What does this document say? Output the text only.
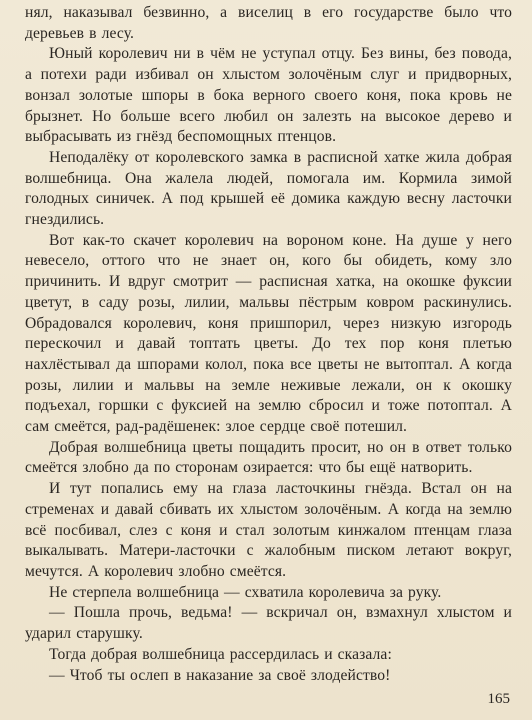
нял, наказывал безвинно, а виселиц в его государстве было что деревьев в лесу.

Юный королевич ни в чём не уступал отцу. Без вины, без повода, а потехи ради избивал он хлыстом золочёным слуг и придворных, вонзал золотые шпоры в бока верного своего коня, пока кровь не брызнет. Но больше всего любил он залезть на высокое дерево и выбрасывать из гнёзд беспомощных птенцов.

Неподалёку от королевского замка в расписной хатке жила добрая волшебница. Она жалела людей, помогала им. Кормила зимой голодных синичек. А под крышей её домика каждую весну ласточки гнездились.

Вот как-то скачет королевич на вороном коне. На душе у него невесело, оттого что не знает он, кого бы обидеть, кому зло причинить. И вдруг смотрит — расписная хатка, на окошке фуксии цветут, в саду розы, лилии, мальвы пёстрым ковром раскинулись. Обрадовался королевич, коня пришпорил, через низкую изгородь перескочил и давай топтать цветы. До тех пор коня плетью нахлёстывал да шпорами колол, пока все цветы не вытоптал. А когда розы, лилии и мальвы на земле неживые лежали, он к окошку подъехал, горшки с фуксией на землю сбросил и тоже потоптал. А сам смеётся, рад-радёшенек: злое сердце своё потешил.

Добрая волшебница цветы пощадить просит, но он в ответ только смеётся злобно да по сторонам озирается: что бы ещё натворить.

И тут попались ему на глаза ласточкины гнёзда. Встал он на стременах и давай сбивать их хлыстом золочёным. А когда на землю всё посбивал, слез с коня и стал золотым кинжалом птенцам глаза выкалывать. Матери-ласточки с жалобным писком летают вокруг, мечутся. А королевич злобно смеётся.

Не стерпела волшебница — схватила королевича за руку.

— Пошла прочь, ведьма! — вскричал он, взмахнул хлыстом и ударил старушку.

Тогда добрая волшебница рассердилась и сказала:

— Чтоб ты ослеп в наказание за своё злодейство!

165
